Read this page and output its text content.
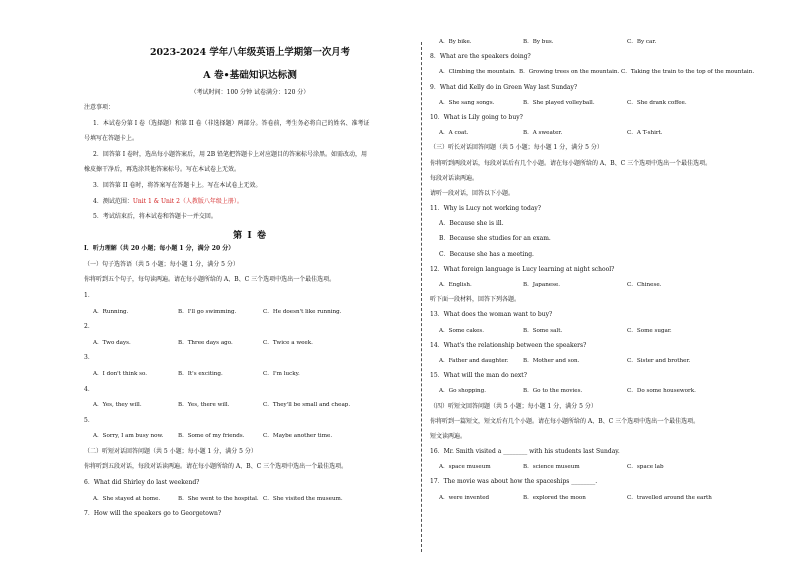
2023-2024 学年八年级英语上学期第一次月考
A 卷•基础知识达标测
（考试时间：100 分钟 试卷满分：120 分）
注意事项：
1．本试卷分第 I 卷（选择题）和第 II 卷（非选择题）两部分。答卷前，考生务必将自己的姓名、准考证
号填写在答题卡上。
2．回答第 I 卷时，选出每小题答案后，用 2B 铅笔把答题卡上对应题目的答案标号涂黑。如需改动，用
橡皮擦干净后，再选涂其他答案标号。写在本试卷上无效。
3．回答第 II 卷时，将答案写在答题卡上。写在本试卷上无效。
4．测试范围：Unit 1 & Unit 2（人教版八年级上册）。
5．考试结束后，将本试卷和答题卡一并交回。
第 I 卷
I．听力理解（共 20 小题；每小题 1 分，满分 20 分）
（一）句子选答语（共 5 小题；每小题 1 分，满分 5 分）
你将听到五个句子，每句读两遍。请在每小题所给的 A、B、C 三个选项中选出一个最佳选项。
1．
A．Running.	B．I'll go swimming.	C．He doesn't like running.
2．
A．Two days.	B．Three days ago.	C．Twice a week.
3．
A．I don't think so.	B．It's exciting.	C．I'm lucky.
4．
A．Yes, they will.	B．Yes, there will.	C．They'll be small and cheap.
5．
A．Sorry, I am busy now.	B．Some of my friends.	C．Maybe another time.
（二）听短对话回答问题（共 5 小题；每小题 1 分，满分 5 分）
你将听到五段对话，每段对话读两遍。请在每小题所给的 A、B、C 三个选项中选出一个最佳选项。
6．What did Shirley do last weekend?
A．She stayed at home.	B．She went to the hospital. C．She visited the museum.
7．How will the speakers go to Georgetown?
A．By bike.	B．By bus.	C．By car.
8．What are the speakers doing?
A．Climbing the mountain. B．Growing trees on the mountain. C．Taking the train to the top of the mountain.
9．What did Kelly do in Green Way last Sunday?
A．She sang songs.	B．She played volleyball.	C．She drank coffee.
10．What is Lily going to buy?
A．A coat.	B．A sweater.	C．A T-shirt.
（三）听长对话回答问题（共 5 小题；每小题 1 分，满分 5 分）
你将听到两段对话，每段对话后有几个小题。请在每小题所给的 A、B、C 三个选项中选出一个最佳选项。
每段对话读两遍。
请听一段对话，回答以下小题。
11．Why is Lucy not working today?
A．Because she is ill.
B．Because she studies for an exam.
C．Because she has a meeting.
12．What foreign language is Lucy learning at night school?
A．English.	B．Japanese.	C．Chinese.
听下面一段材料，回答下列各题。
13．What does the woman want to buy?
A．Some cakes.	B．Some salt.	C．Some sugar.
14．What's the relationship between the speakers?
A．Father and daughter.	B．Mother and son.	C．Sister and brother.
15．What will the man do next?
A．Go shopping.	B．Go to the movies.	C．Do some housework.
（四）听短文回答问题（共 5 小题；每小题 1 分，满分 5 分）
你将听到一篇短文，短文后有几个小题。请在每小题所给的 A、B、C 三个选项中选出一个最佳选项。
短文读两遍。
16．Mr. Smith visited a ________ with his students last Sunday.
A．space museum	B．science museum	C．space lab
17．The movie was about how the spaceships ________.
A．were invented	B．explored the moon	C．travelled around the earth
